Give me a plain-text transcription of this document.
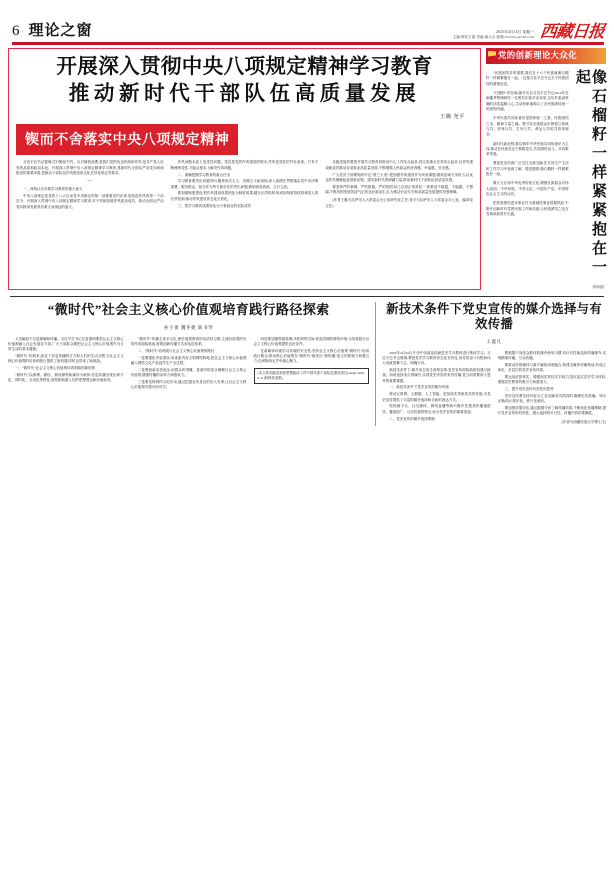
6 理论之窗	2025年4月14日 星期一
主编:阿旺古丽 责编:唐大山 邮箱:xzrbllzc@163.com 西藏日报
开展深入贯彻中央八项规定精神学习教育
推动新时代干部队伍高质量发展
王璐 尧平
锲而不舍落实中央八项规定精神

习近平总书记强调,厉行勤俭节约、反对铺张浪费,是我们党的优良传统和作风,是共产党人应有的品质和政治本色。开展深入贯彻中央八项规定精神学习教育,是新时代全面从严治党向纵深推进的重要举措,是推动干部队伍作风建设常态化长效化的必然要求。

—

一、深刻认识开展学习教育的重大意义

中央八项规定是党的十八大以来党中央制定的第一部重要党内法规,是改进作风的第一个动员令。开展深入贯彻中央八项规定精神学习教育,对于巩固拓展作风建设成效、推动全面从严治党向纵深发展具有重大而深远的意义。

作风问题本质上是党性问题。党性是党的作风建设的根本,作风是党性的外在表现。只有不断锤炼党性,才能从根本上解决作风问题。

二、准确把握学习教育的重点任务

学习教育要突出问题导向,聚焦形式主义、官僚主义新表现,深入查摆在贯彻落实党中央决策部署、服务群众、担当作为等方面存在的突出问题,做到真查真改、立行立改。

要加强制度建设,把作风建设成果固化为制度成果,健全长效机制,形成用制度管权管事管人的长效机制,推动作风建设常态化长效化。

三、把学习教育成果转化为干事创业的实际成效

各级党组织要把开展学习教育同推动中心工作结合起来,同完成重点任务结合起来,以作风建设新成效推动各项事业高质量发展,不断增强人民群众的获得感、幸福感、安全感。

广大党员干部要始终牢记“国之大者”,把加强作风建设作为终身课题,做到忠诚干净担当,以优良作风凝聚起奋进新征程、建功新时代的磅礴力量,推动新时代干部队伍高质量发展。

要坚持严的基调、严的措施、严的氛围,持之以恒正风肃纪,一体推进不敢腐、不能腐、不想腐,不断巩固发展风清气正的良好政治生态,为推动长治久安和高质量发展提供坚强保障。

(作者王璐为拉萨市人大常委会办公室研究室主任;尧平为拉萨市人大常委会办公室、编译室主任)

党的创新理论大众化

“民族团结非常重要,我们在十六个民族就像石榴籽一样紧紧抱在一起。”这是习近平总书记关于民族团结的重要论述。

“石榴籽”的比喻,最早出自习近平总书记2014年在新疆考察调研时一位维吾尔族乡亲家里,这句朴素而准确的话语温暖人心,生动形象地揭示了各民族团结统一的深刻内涵。

中华民族共同体意识是国家统一之基、民族团结之本、精神力量之魂。要引导各族群众牢固树立休戚与共、荣辱与共、生死与共、命运与共的共同体理念。

新时代新征程,要以铸牢中华民族共同体意识为主线,推动各民族坚定不移跟党走,共同团结奋斗、共同繁荣发展。

要促进各民族广泛交往交流交融,在共同生产生活和工作学习中加深了解、增进感情,像石榴籽一样紧紧抱在一起。

要大力弘扬中华优秀传统文化,增强各族群众对伟大祖国、中华民族、中华文化、中国共产党、中国特色社会主义的认同。

把民族团结进步事业作为基础性事业抓紧抓好,不断开创新时代党的民族工作新局面,让民族团结之花在雪域高原常开长盛。	像石榴籽一样紧紧抱在一起
(转6版)
“微时代”社会主义核心价值观培育践行路径探索
孙小蕾 魏冬捷 陈书琴

人类解放不仅是理解和传播。习近平总书记反复强调要把社会主义核心价值观融入社会发展各方面,广大干部群众要把社会主义核心价值观作为日常生活的基本遵循。

“微时代”的到来,改变了信息传播的方式和人们的生活习惯,为社会主义核心价值观的培育和践行提供了新机遇,同时也带来了新挑战。

一、“微时代”社会主义核心价值观培育面临的新形势

“微时代”以微博、微信、微视频等新媒体为载体,信息传播呈现出碎片化、即时化、互动化等特征,深刻影响着人们的思想观念和价值取向。

“微时代”传播主体多元化,使价值观教育的话语权分散,主流价值观的引领作用面临挑战,需要创新传播方式和话语体系。

二、“微时代”培育践行社会主义核心价值观的路径

一是要强化内容建设,用优质内容占领网络阵地,把社会主义核心价值观融入网络文化产品创作生产全过程。

二是要创新话语表达,用群众听得懂、喜欢听的语言阐释社会主义核心价值观,增强传播的亲和力和感染力。

三是要发挥榜样示范作用,通过挖掘宣传身边的好人好事,让社会主义核心价值观可感可知可学。

四是要加强阵地管理,净化网络空间,营造清朗的网络环境,为培育践行社会主义核心价值观提供良好条件。

在新媒体环境学习环境的安全性,坚持全主义核心价值观“微时代”培育践行路径,推动核心价值观在“微时代”焕发出“微传播”更大的影响力和感召力,在润物细无声中凝心聚力。

[本文系安徽省高校思想政治工作中国年度干部队伍建设项目(sztsjh-2025-6-11)阶段性成果]
新技术条件下党史宣传的媒介选择与有效传播
王鑫凡

2025年4月24日,中央中央政治局就党史学习教育进行集体学习。习近平总书记强调,要把党史学习教育常态化长效化,用党的奋斗历程和伟大成就鼓舞斗志、明确方向。

新技术条件下,媒介形态发生深刻变革,党史宣传面临新的机遇与挑战。如何选择适合的媒介,实现党史内容的有效传播,是当前需要深入思考的重要课题。

一、新技术条件下党史宣传的媒介环境

移动互联网、大数据、人工智能、虚拟现实等新技术的发展,为党史宣传提供了丰富的媒介选择和全新的表达方式。

短视频平台、社交媒体、网络直播等新兴媒介凭借其传播速度快、覆盖面广、互动性强的特点,成为党史宣传的重要渠道。

二、党史宣传的媒介选择策略

要根据不同受众群体的媒介使用习惯,有针对性地选择传播媒介,实现精准传播、分众传播。

要推动传统媒体与新兴媒体深度融合,构建全媒体传播格局,形成立体化、多层次的党史宣传体系。

要运用虚拟现实、增强现实等技术手段,打造沉浸式党史学习体验,增强党史教育的吸引力和感染力。

三、提升党史宣传有效性的思考

党史宣传要坚持内容为王,在创新形式的同时,确保史实准确、导向正确,防止娱乐化、碎片化倾向。

要加强效果评估,通过数据分析了解传播效果,不断优化传播策略,提升党史宣传的有效性、展示选择的可行性、传播内容的准确性。

(作者为西藏民族大学博士生)
